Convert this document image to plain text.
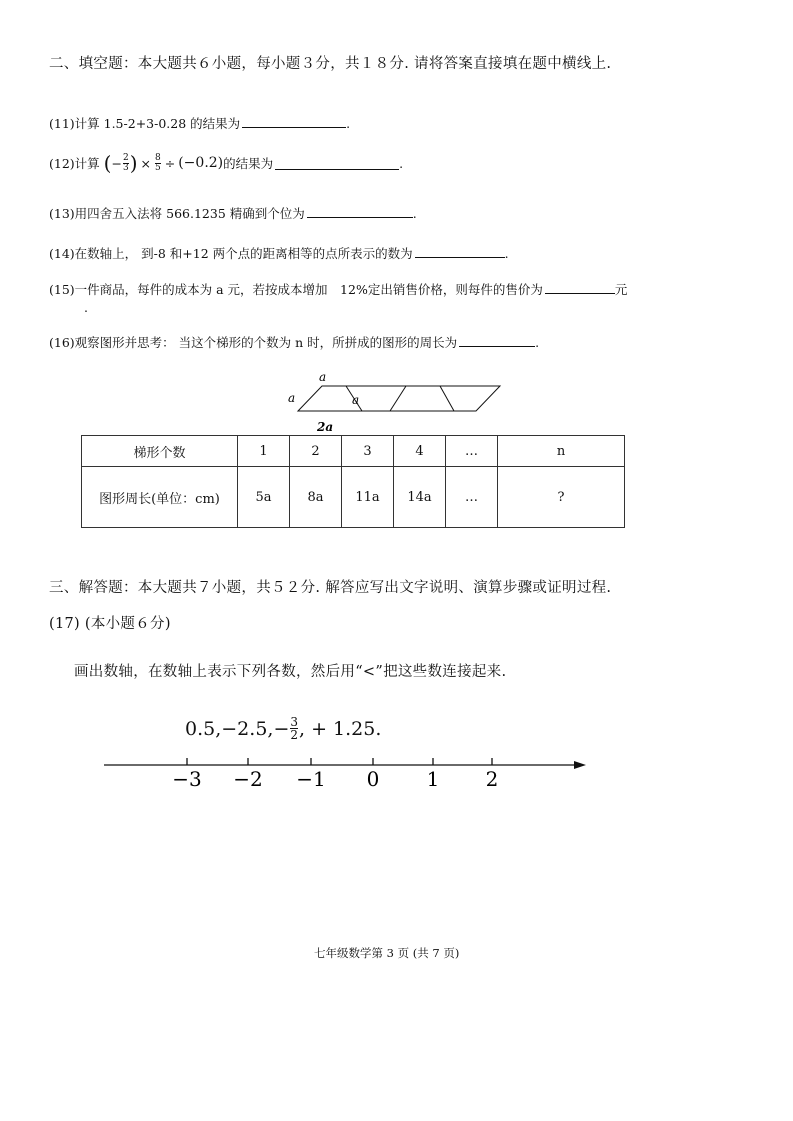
二、填空题：本大题共６小题，每小题３分，共１８分. 请将答案直接填在题中横线上.
(11)计算 1.5-2+3-0.28 的结果为	.
(12)计算 ( − $\frac{2}{3}$ ) × $\frac{8}{5} \div (-0.2)$ 的结果为	.
(13)用四舍五入法将 566.1235 精确到个位为	.
(14)在数轴上， 到-8 和+12 两个点的距离相等的点所表示的数为	.
(15)一件商品，每件的成本为 a 元，若按成本增加　12%定出销售价格，则每件的售价为	元
.
(16)观察图形并思考： 当这个梯形的个数为 n 时，所拼成的图形的周长为	.
a
a	a
2a
梯形个数	1	2	3	4	…	n
图形周长(单位：cm)	5a	8a	11a	14a	…	?
三、解答题：本大题共７小题，共５２分. 解答应写出文字说明、演算步骤或证明过程.
(17) (本小题６分)
画出数轴，在数轴上表示下列各数，然后用“<”把这些数连接起来.
0.5, −2.5, − $\frac{3}{2}$ , + 1.25.
−3 −2 −1 0 1 2
七年级数学第 3 页 (共 7 页)
